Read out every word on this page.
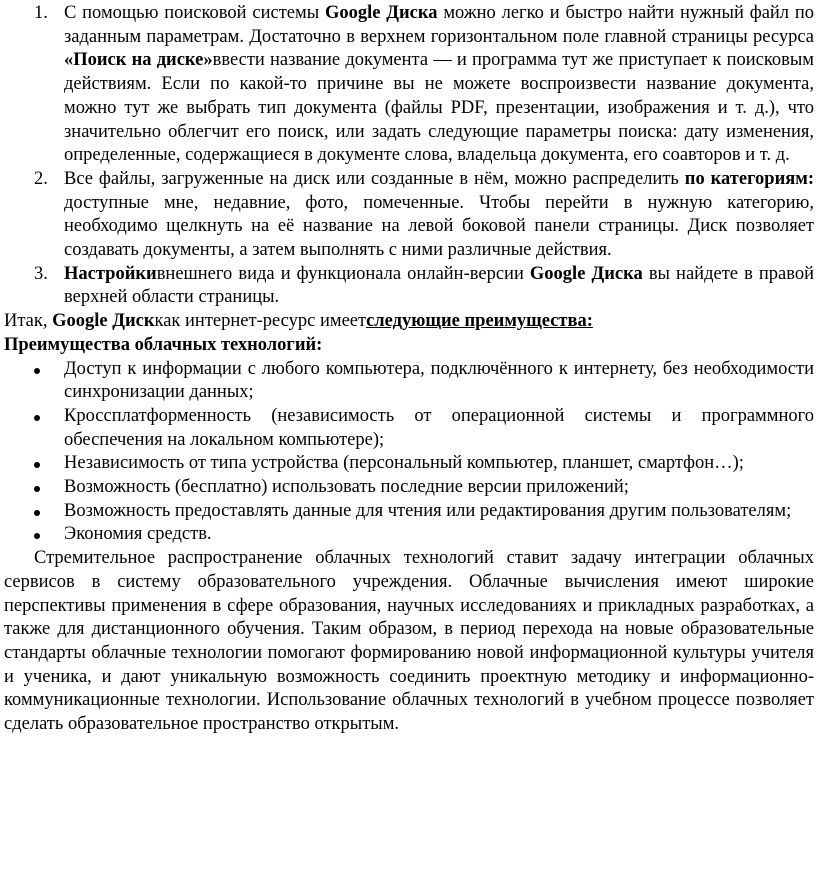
1. С помощью поисковой системы Google Диска можно легко и быстро найти нужный файл по заданным параметрам. Достаточно в верхнем горизонтальном поле главной страницы ресурса «Поиск на диске»ввести название документа — и программа тут же приступает к поисковым действиям. Если по какой-то причине вы не можете воспроизвести название документа, можно тут же выбрать тип документа (файлы PDF, презентации, изображения и т. д.), что значительно облегчит его поиск, или задать следующие параметры поиска: дату изменения, определенные, содержащиеся в документе слова, владельца документа, его соавторов и т. д.
2. Все файлы, загруженные на диск или созданные в нём, можно распределить по категориям: доступные мне, недавние, фото, помеченные. Чтобы перейти в нужную категорию, необходимо щелкнуть на её название на левой боковой панели страницы. Диск позволяет создавать документы, а затем выполнять с ними различные действия.
3. Настройкивнешнего вида и функционала онлайн-версии Google Диска вы найдете в правой верхней области страницы.
Итак, Google Дисккак интернет-ресурс имеетследующие преимущества:
Преимущества облачных технологий:
Доступ к информации с любого компьютера, подключённого к интернету, без необходимости синхронизации данных;
Кроссплатформенность (независимость от операционной системы и программного обеспечения на локальном компьютере);
Независимость от типа устройства (персональный компьютер, планшет, смартфон…);
Возможность (бесплатно) использовать последние версии приложений;
Возможность предоставлять данные для чтения или редактирования другим пользователям;
Экономия средств.
Стремительное распространение облачных технологий ставит задачу интеграции облачных сервисов в систему образовательного учреждения. Облачные вычисления имеют широкие перспективы применения в сфере образования, научных исследованиях и прикладных разработках, а также для дистанционного обучения. Таким образом, в период перехода на новые образовательные стандарты облачные технологии помогают формированию новой информационной культуры учителя и ученика, и дают уникальную возможность соединить проектную методику и информационно-коммуникационные технологии. Использование облачных технологий в учебном процессе позволяет сделать образовательное пространство открытым.
